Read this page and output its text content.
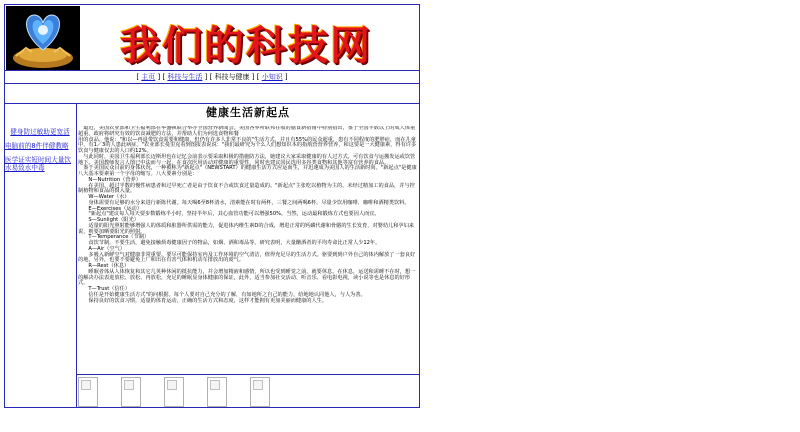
我们的科技网
[ 主页 ] [ 科技与生活 ] [ 科技与健康 ] [ 小知识 ]
健身防过敏助更宽活
电脑前的8件伴健教略
医学证实短时间大量饮水易致水中毒
健康生活新起点

　最近，美国农业部和卫生福利部在华盛顿联合举办全国营养新闻会。美国各界所联邦在收的膳食新指南中特别指出，鉴于全国半数以上的成人体重超重，政府将研究有效的饮食减肥的方法，并帮助人们为何选食物和餐

用的食品。他说："和以—再退带饮食需要和健康，但仍有许多人非常不良的"生活方式，并且有55%的民众超重，患有不同程度的肥胖症，而在儿童中，有1／3的人患此病症。"农业部长曼里克看到图报表说说："我们最研究为个么人们想知识本的指航营营养营养，和这要是一大健康素，得有许多饮食与健康仅去的人口约12%。

　与此同时，美国卫生福利部长迈斯坦也在记忆会前表示要采取积极的措施防方法，她建议大家采取健康的有人过方式，可有饮食与运搬发运或饮管地下。美国教师发言人图已中法而与一起，在食次医用活动对健康的重要性，同时也建议国民选用多谷类食物和其他等富有营养的食品。

　鉴于美国民众目前的身体状况，一种被称为"新起点"（NEWSTART）的健康生活方式应运而生，并迅速成为美国人的生活新时尚。"新起点"是健康八大基本要素第一个字母的缩写。八大要素分别是：

　　N—Nutrition（营养）

　　在美国，超过半数的慢性病患者和过早死亡者是由于饮食不合或饮食过量造成的。"新起点"主张吃以植物为主的、未经过精加工的食品，并与控制植物和食品的摄入量。

　　W—Water（水）

　　身体需要有足够的水分来进行新陈代谢。每天喝6至8杯清水，清素能在时有两杯，三餐之间两喝6杯，尽量少饮用咖啡、咖啡和酒精类饮料。

　　E—Exercises（运动）

　　"新起点"建议每人每天要步数锻练半小时，坚持半年后，其心血管功能可以增强50%。当然，运动最和锻炼方式也要因人而宜。

　　S—Sunlight（阳光）

　　适量的阳光照射能够增强人的体质和脏器所供需的能力，促进体内维生素D的合成，增进正常的钙磷代谢和骨骼的生长发育，对婴幼儿和孕妇来说，则要加晒要阳光的照射。

　　T—Temperance（节制）

　　食饮节制，不要生活，避免接触烦毒健康因子的物品，如烟、酒和毒品等。研究表明，大量酗酒者的平均寿命比正常人少12年。

　　A—Air（空气）

　　多吸入新鲜空气对健康非常重要。要尽可能保持室内及工作环境的空气清洁，值得充足尽的生活方式。驱要到到户外自己的体内解放了一套良好的地，另外，也要不要避免上厂和出在有害气体和机动车排放出的废气。

　　R—Rest（休息）

　　睡眠者体从人体恢复和其它几英种休闲的抵抗能力，并会增加精液和感情，所以也受到睡觉之前，就要休息。在休息，运送和需睡不在时，想一的解决办法表进放松、放松、再放松，充足的睡眠显身体健康的保证，此外，适当参加社交活动、听音乐、看电影电视，读小说等也是休息的好形式。

　　T—Trust（信任）

　　信任是开始健康生活方式"的问根据。每个人要对自己充分的了解，有如地所之自己的能力，给地地认同他人，与人为善。

　　保持良好的饮食习惯，适量的体育运动，正确的生活方式和态度，这样才能拥有更加美丽而健康的人生。
